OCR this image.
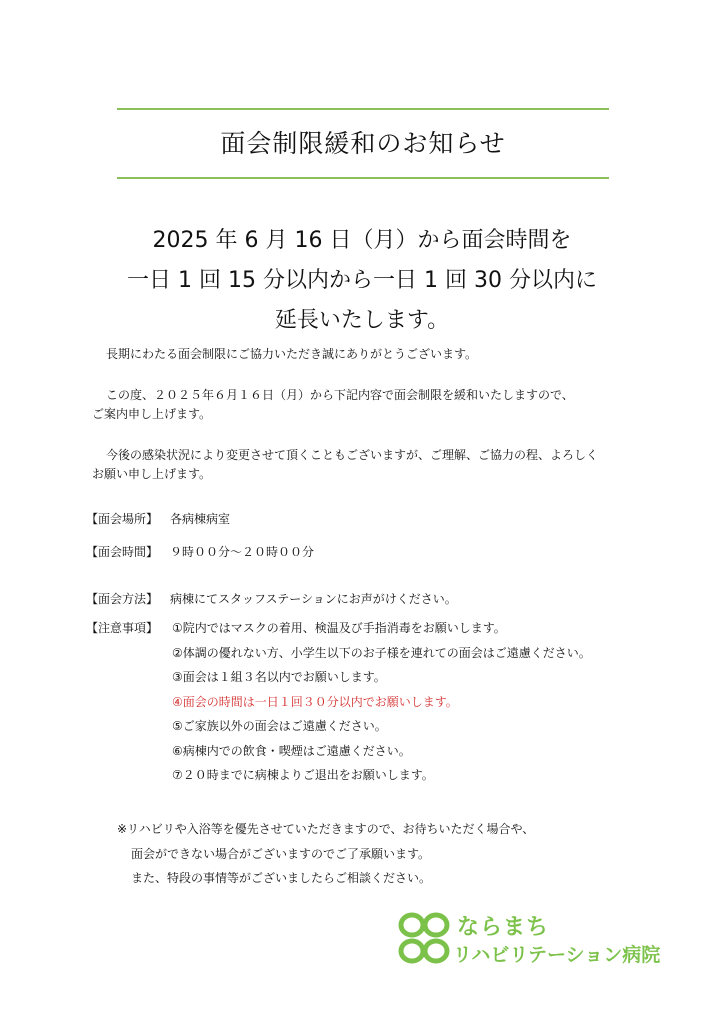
面会制限緩和のお知らせ
2025 年 6 月 16 日（月）から面会時間を
一日 1 回 15 分以内から一日 1 回 30 分以内に
延長いたします。
長期にわたる面会制限にご協力いただき誠にありがとうございます。
この度、２０２５年６月１６日（月）から下記内容で面会制限を緩和いたしますので、
ご案内申し上げます。
今後の感染状況により変更させて頂くこともございますが、ご理解、ご協力の程、よろしく
お願い申し上げます。
【面会場所】 各病棟病室
【面会時間】 ９時００分～２０時００分
【面会方法】 病棟にてスタッフステーションにお声がけください。
【注意事項】	①院内ではマスクの着用、検温及び手指消毒をお願いします。
②体調の優れない方、小学生以下のお子様を連れての面会はご遠慮ください。
③面会は１組３名以内でお願いします。
④面会の時間は一日１回３０分以内でお願いします。
⑤ご家族以外の面会はご遠慮ください。
⑥病棟内での飲食・喫煙はご遠慮ください。
⑦２０時までに病棟よりご退出をお願いします。
※リハビリや入浴等を優先させていただきますので、お待ちいただく場合や、
面会ができない場合がございますのでご了承願います。
また、特段の事情等がございましたらご相談ください。
ならまち
リハビリテーション病院
